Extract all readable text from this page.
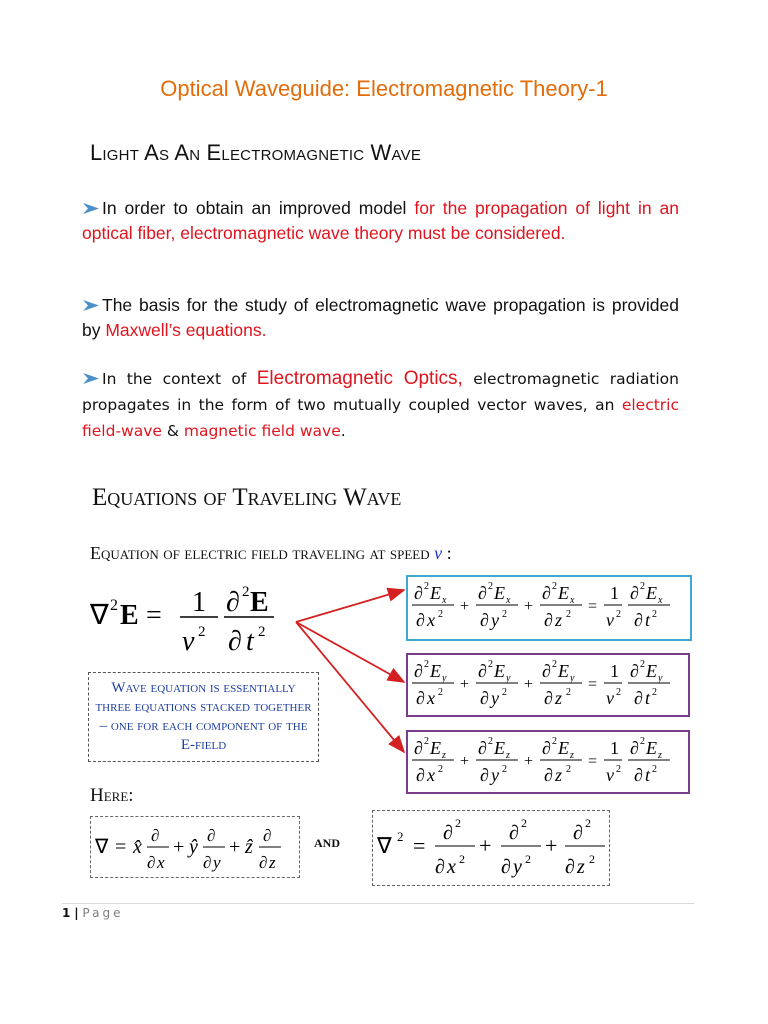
Optical Waveguide: Electromagnetic Theory-1
Light As An Electromagnetic Wave
In order to obtain an improved model for the propagation of light in an optical fiber, electromagnetic wave theory must be considered.
The basis for the study of electromagnetic wave propagation is provided by Maxwell’s equations.
In the context of Electromagnetic Optics, electromagnetic radiation propagates in the form of two mutually coupled vector waves, an electric field-wave & magnetic field wave.
Equations of Traveling Wave
Equation of electric field traveling at speed v :
∇ 2 E = 1
v 2
∂ 2 E
∂ t 2
∂ 2 E x
∂ x 2 +
∂ 2 E x
∂ y 2 +
∂ 2 E x
∂ z 2 =
1
v 2
∂ 2 E x
∂ t 2
∂ 2 E y
∂ x 2 +
∂ 2 E y
∂ y 2 +
∂ 2 E y
∂ z 2 =
1
v 2
∂ 2 E y
∂ t 2
∂ 2 E z
∂ x 2 +
∂ 2 E z
∂ y 2 +
∂ 2 E z
∂ z 2 =
1
v 2
∂ 2 E z
∂ t 2
Wave equation is essentially three equations stacked together – one for each component of the E-field
Here:
∇ = x̂
∂
∂ x
+ ŷ
∂
∂ y
+ ẑ
∂
∂ z
AND ∇ 2 = ∂ 2
∂ x 2
+ ∂ 2
∂ y 2
+ ∂ 2
∂ z 2
1 | Page
